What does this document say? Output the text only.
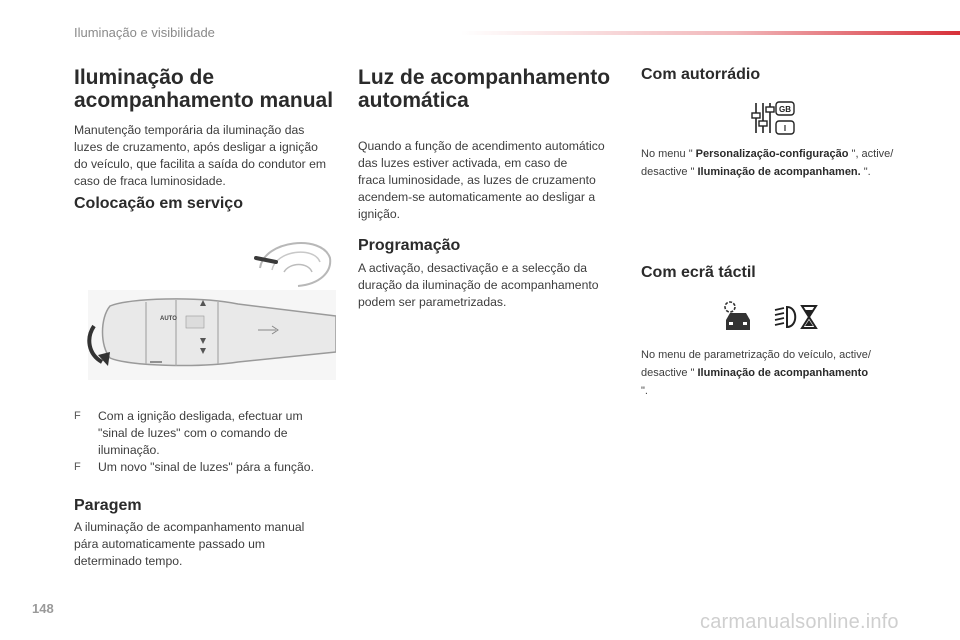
Iluminação e visibilidade
Iluminação de
acompanhamento manual

Manutenção temporária da iluminação das
luzes de cruzamento, após desligar a ignição
do veículo, que facilita a saída do condutor em
caso de fraca luminosidade.

Colocação em serviço
AUTO
F Com a ignição desligada, efectuar um
"sinal de luzes" com o comando de
iluminação.
F Um novo "sinal de luzes" pára a função.
Paragem

A iluminação de acompanhamento manual
pára automaticamente passado um
determinado tempo.

Luz de acompanhamento
automática

Quando a função de acendimento automático
das luzes estiver activada, em caso de
fraca luminosidade, as luzes de cruzamento
acendem-se automaticamente ao desligar a
ignição.

Programação

A activação, desactivação e a selecção da
duração da iluminação de acompanhamento
podem ser parametrizadas.

Com autorrádio
GB
I

No menu " Personalização-configuração ", active/
desactive " Iluminação de acompanhamen. ".

Com ecrã táctil

No menu de parametrização do veículo, active/
desactive " Iluminação de acompanhamento
".

148
carmanualsonline.info
